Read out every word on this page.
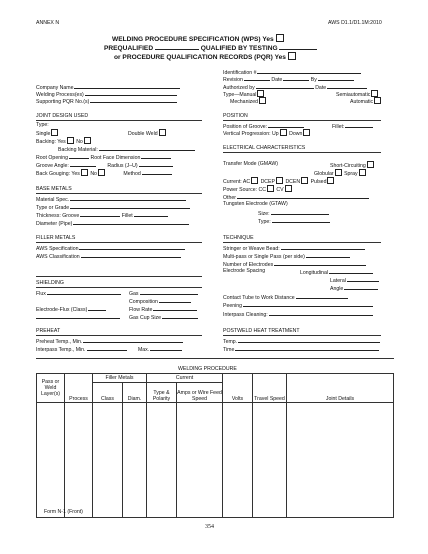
ANNEX N	AWS D1.1/D1.1M:2010
WELDING PROCEDURE SPECIFICATION (WPS) Yes
PREQUALIFIED	QUALIFIED BY TESTING
or PROCEDURE QUALIFICATION RECORDS (PQR) Yes
Identification #
Revision	Date	By
Authorized by	Date
Type—Manual	Semiautomatic
Mechanized	Automatic
Company Name
Welding Process(es)
Supporting PQR No.(s)
JOINT DESIGN USED
Type:
Single	Double Weld
Backing: Yes No
Backing Material:
Root Opening	Root Face Dimension
Groove Angle:	Radius (J–U)
Back Gouging: Yes No	Method
POSITION
Position of Groove:	Fillet:
Vertical Progression: Up Down
ELECTRICAL CHARACTERISTICS
Transfer Mode (GMAW)	Short-Circuiting
Globular Spray
Current: AC DCEP DCEN Pulsed
Power Source: CC CV
Other
Tungsten Electrode (GTAW)
Size:
Type:
BASE METALS
Material Spec.
Type or Grade
Thickness: Groove	Fillet
Diameter (Pipe)
FILLER METALS
AWS Specification
AWS Classification
TECHNIQUE
Stringer or Weave Bead:
Multi-pass or Single Pass (per side)
Number of Electrodes
Electrode Spacing	Longitudinal
Lateral
Angle
Contact Tube to Work Distance
Peening
Interpass Cleaning:
SHIELDING
Flux	Gas
Composition
Electrode-Flux (Class)	Flow Rate
Gas Cup Size
PREHEAT
Preheat Temp., Min.
Interpass Temp., Min.	Max.
POSTWELD HEAT TREATMENT
Temp.
Time
WELDING PROCEDURE
Pass or Weld Layer(s)	Process	Filler Metals		Current		Volts	Travel Speed	Joint Details
		Class	Diam.	Type & Polarity	Amps or Wire Feed Speed			

Form N-1 (Front)
354
